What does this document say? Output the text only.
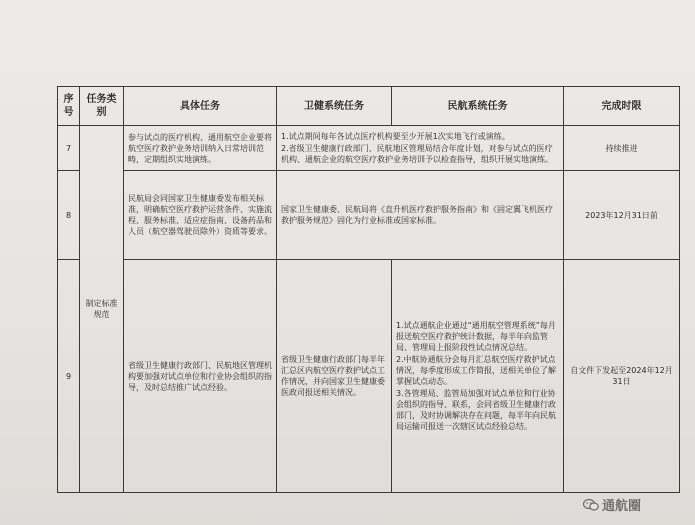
序号	任务类别	具体任务	卫健系统任务	民航系统任务	完成时限
7	制定标准规范	参与试点的医疗机构、通用航空企业要将航空医疗救护业务培训纳入日常培训范畴，定期组织实地演练。	1.试点期间每年各试点医疗机构要至少开展1次实地飞行或演练。
2.省级卫生健康行政部门、民航地区管理局结合年度计划，对参与试点的医疗机构、通航企业的航空医疗救护业务培训予以检查指导，组织开展实地演练。		持续推进
8		民航局会同国家卫生健康委发布相关标准，明确航空医疗救护运营条件、实施流程、服务标准、适应症指南、设备药品和人员（航空器驾驶员除外）资质等要求。	国家卫生健康委、民航局将《直升机医疗救护服务指南》和《固定翼飞机医疗救护服务规范》固化为行业标准或国家标准。		2023年12月31日前
9		省级卫生健康行政部门、民航地区管理机构要加强对试点单位和行业协会组织的指导，及时总结推广试点经验。	省级卫生健康行政部门每半年汇总区内航空医疗救护试点工作情况，并向国家卫生健康委医政司报送相关情况。	1.试点通航企业通过“通用航空管理系统”每月报送航空医疗救护统计数据，每半年向监管局、管理局上报阶段性试点情况总结。
2.中航协通航分会每月汇总航空医疗救护试点情况，每季度形成工作简报，送相关单位了解掌握试点动态。
3.各管理局、监管局加强对试点单位和行业协会组织的指导、联系，会同省级卫生健康行政部门，及时协调解决存在问题，每半年向民航局运输司报送一次辖区试点经验总结。	自文件下发起至2024年12月31日
通航圈
